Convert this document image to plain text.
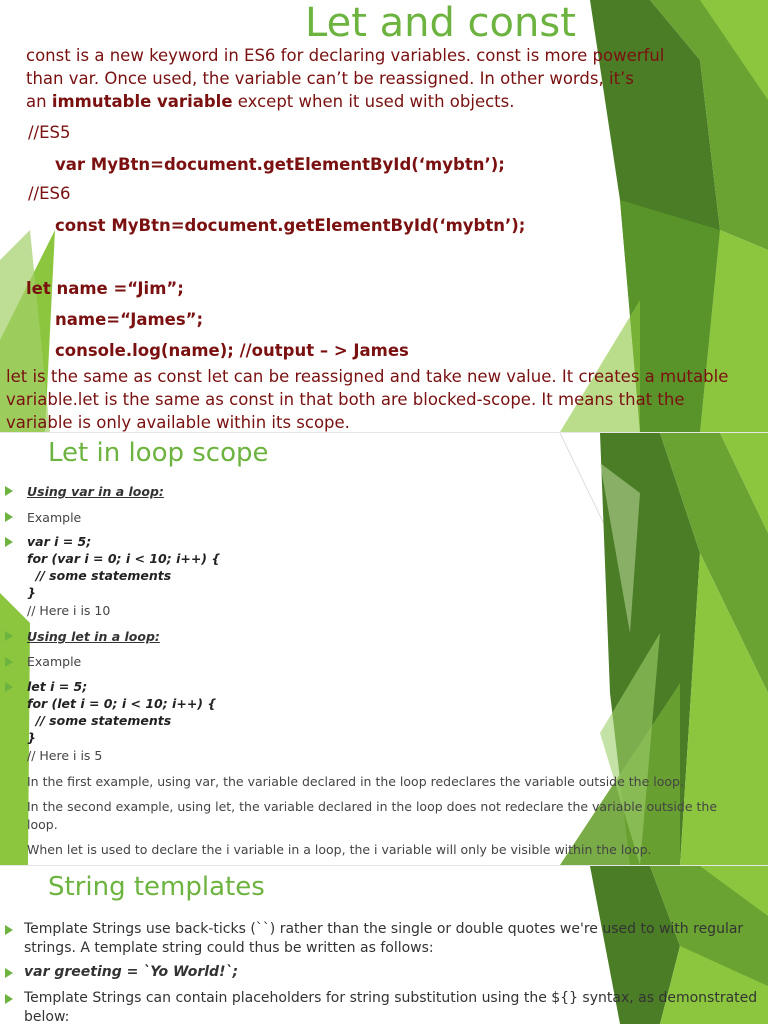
Let and const
const is a new keyword in ES6 for declaring variables. const is more powerful
than var. Once used, the variable can’t be reassigned. In other words, it’s
an immutable variable except when it used with objects.
//ES5
var MyBtn=document.getElementById(‘mybtn’);
//ES6
const MyBtn=document.getElementById(‘mybtn’);
let name =“Jim”;
name=“James”;
console.log(name); //output – > James
let is the same as const let can be reassigned and take new value. It creates a mutable
variable.let is the same as const in that both are blocked-scope. It means that the
variable is only available within its scope.
Let in loop scope
Using var in a loop:
Example
var i = 5;
for (var i = 0; i < 10; i++) {
// some statements
}
// Here i is 10
Using let in a loop:
Example
let i = 5;
for (let i = 0; i < 10; i++) {
// some statements
}
// Here i is 5
In the first example, using var, the variable declared in the loop redeclares the variable outside the loop.
In the second example, using let, the variable declared in the loop does not redeclare the variable outside the
loop.
When let is used to declare the i variable in a loop, the i variable will only be visible within the loop.
String templates
Template Strings use back-ticks (``) rather than the single or double quotes we're used to with regular
strings. A template string could thus be written as follows:
var greeting = `Yo World!`;
Template Strings can contain placeholders for string substitution using the ${} syntax, as demonstrated
below:
